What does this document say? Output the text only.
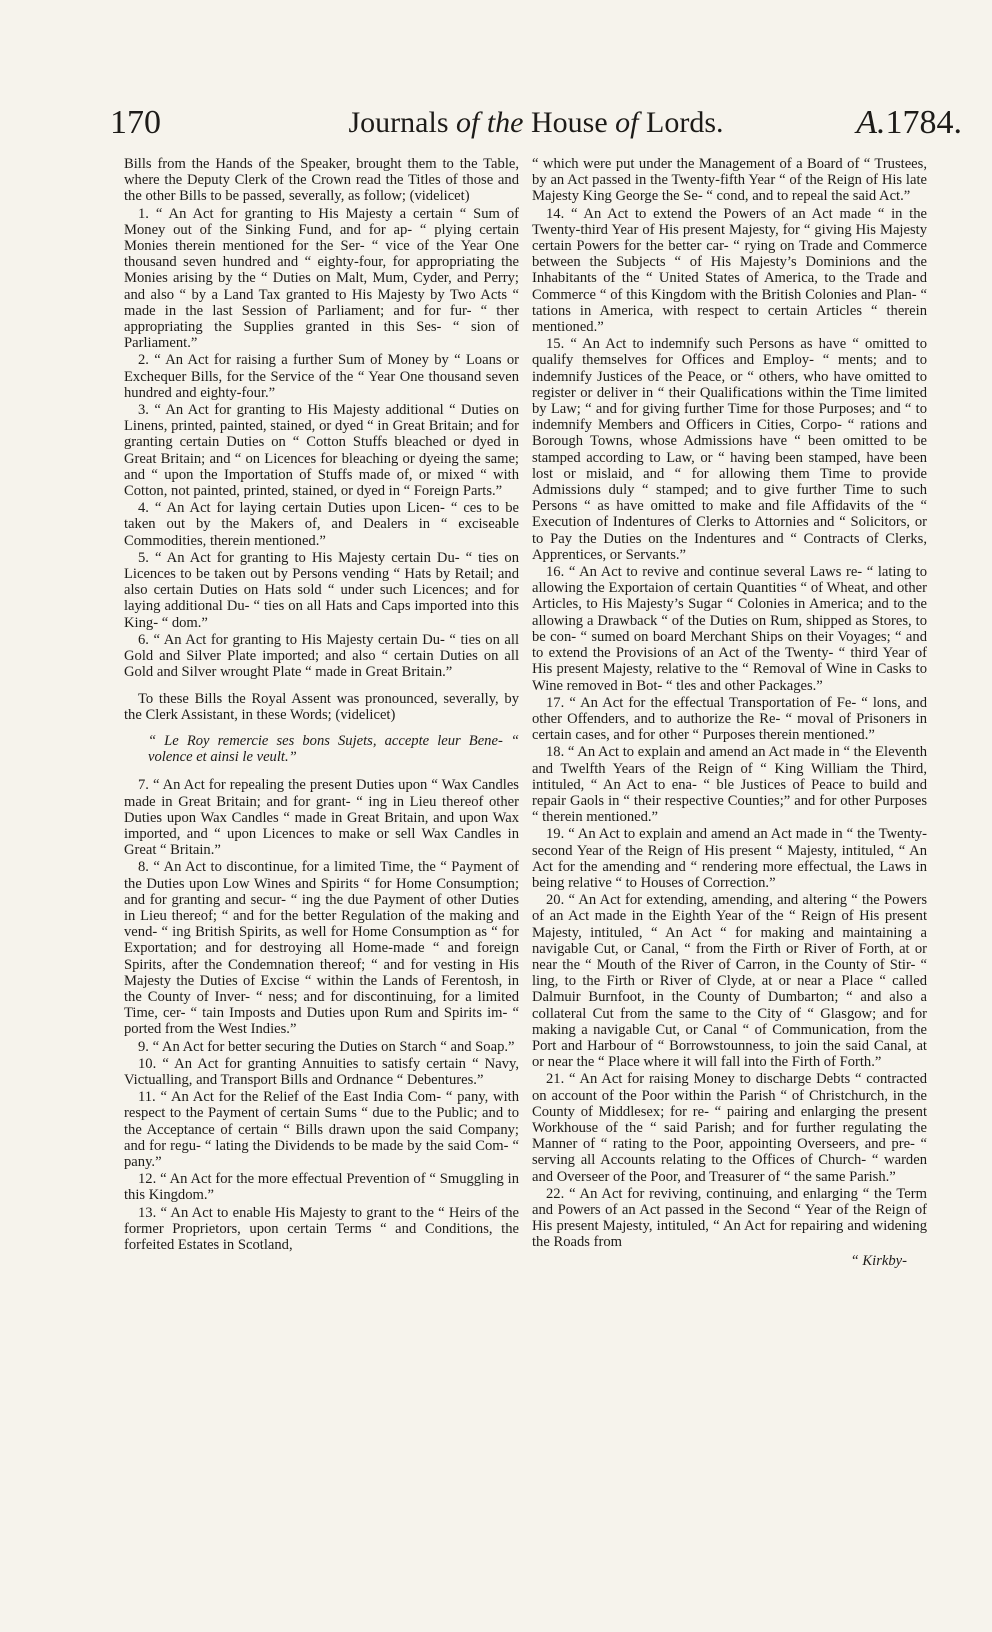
170	Journals of the House of Lords.	A.1784.

Bills from the Hands of the Speaker, brought them to the Table, where the Deputy Clerk of the Crown read the Titles of those and the other Bills to be passed, severally, as follow; (videlicet)

1. “ An Act for granting to His Majesty a certain “ Sum of Money out of the Sinking Fund, and for ap- “ plying certain Monies therein mentioned for the Ser- “ vice of the Year One thousand seven hundred and “ eighty-four, for appropriating the Monies arising by the “ Duties on Malt, Mum, Cyder, and Perry; and also “ by a Land Tax granted to His Majesty by Two Acts “ made in the last Session of Parliament; and for fur- “ ther appropriating the Supplies granted in this Ses- “ sion of Parliament.”

2. “ An Act for raising a further Sum of Money by “ Loans or Exchequer Bills, for the Service of the “ Year One thousand seven hundred and eighty-four.”

3. “ An Act for granting to His Majesty additional “ Duties on Linens, printed, painted, stained, or dyed “ in Great Britain; and for granting certain Duties on “ Cotton Stuffs bleached or dyed in Great Britain; and “ on Licences for bleaching or dyeing the same; and “ upon the Importation of Stuffs made of, or mixed “ with Cotton, not painted, printed, stained, or dyed in “ Foreign Parts.”

4. “ An Act for laying certain Duties upon Licen- “ ces to be taken out by the Makers of, and Dealers in “ exciseable Commodities, therein mentioned.”

5. “ An Act for granting to His Majesty certain Du- “ ties on Licences to be taken out by Persons vending “ Hats by Retail; and also certain Duties on Hats sold “ under such Licences; and for laying additional Du- “ ties on all Hats and Caps imported into this King- “ dom.”

6. “ An Act for granting to His Majesty certain Du- “ ties on all Gold and Silver Plate imported; and also “ certain Duties on all Gold and Silver wrought Plate “ made in Great Britain.”

To these Bills the Royal Assent was pronounced, severally, by the Clerk Assistant, in these Words; (videlicet)

“ Le Roy remercie ses bons Sujets, accepte leur Bene- “ volence et ainsi le veult.”

7. “ An Act for repealing the present Duties upon “ Wax Candles made in Great Britain; and for grant- “ ing in Lieu thereof other Duties upon Wax Candles “ made in Great Britain, and upon Wax imported, and “ upon Licences to make or sell Wax Candles in Great “ Britain.”

8. “ An Act to discontinue, for a limited Time, the “ Payment of the Duties upon Low Wines and Spirits “ for Home Consumption; and for granting and secur- “ ing the due Payment of other Duties in Lieu thereof; “ and for the better Regulation of the making and vend- “ ing British Spirits, as well for Home Consumption as “ for Exportation; and for destroying all Home-made “ and foreign Spirits, after the Condemnation thereof; “ and for vesting in His Majesty the Duties of Excise “ within the Lands of Ferentosh, in the County of Inver- “ ness; and for discontinuing, for a limited Time, cer- “ tain Imposts and Duties upon Rum and Spirits im- “ ported from the West Indies.”

9. “ An Act for better securing the Duties on Starch “ and Soap.”

10. “ An Act for granting Annuities to satisfy certain “ Navy, Victualling, and Transport Bills and Ordnance “ Debentures.”

11. “ An Act for the Relief of the East India Com- “ pany, with respect to the Payment of certain Sums “ due to the Public; and to the Acceptance of certain “ Bills drawn upon the said Company; and for regu- “ lating the Dividends to be made by the said Com- “ pany.”

12. “ An Act for the more effectual Prevention of “ Smuggling in this Kingdom.”

13. “ An Act to enable His Majesty to grant to the “ Heirs of the former Proprietors, upon certain Terms “ and Conditions, the forfeited Estates in Scotland,

“ which were put under the Management of a Board of “ Trustees, by an Act passed in the Twenty-fifth Year “ of the Reign of His late Majesty King George the Se- “ cond, and to repeal the said Act.”

14. “ An Act to extend the Powers of an Act made “ in the Twenty-third Year of His present Majesty, for “ giving His Majesty certain Powers for the better car- “ rying on Trade and Commerce between the Subjects “ of His Majesty’s Dominions and the Inhabitants of the “ United States of America, to the Trade and Commerce “ of this Kingdom with the British Colonies and Plan- “ tations in America, with respect to certain Articles “ therein mentioned.”

15. “ An Act to indemnify such Persons as have “ omitted to qualify themselves for Offices and Employ- “ ments; and to indemnify Justices of the Peace, or “ others, who have omitted to register or deliver in “ their Qualifications within the Time limited by Law; “ and for giving further Time for those Purposes; and “ to indemnify Members and Officers in Cities, Corpo- “ rations and Borough Towns, whose Admissions have “ been omitted to be stamped according to Law, or “ having been stamped, have been lost or mislaid, and “ for allowing them Time to provide Admissions duly “ stamped; and to give further Time to such Persons “ as have omitted to make and file Affidavits of the “ Execution of Indentures of Clerks to Attornies and “ Solicitors, or to Pay the Duties on the Indentures and “ Contracts of Clerks, Apprentices, or Servants.”

16. “ An Act to revive and continue several Laws re- “ lating to allowing the Exportaion of certain Quantities “ of Wheat, and other Articles, to His Majesty’s Sugar “ Colonies in America; and to the allowing a Drawback “ of the Duties on Rum, shipped as Stores, to be con- “ sumed on board Merchant Ships on their Voyages; “ and to extend the Provisions of an Act of the Twenty- “ third Year of His present Majesty, relative to the “ Removal of Wine in Casks to Wine removed in Bot- “ tles and other Packages.”

17. “ An Act for the effectual Transportation of Fe- “ lons, and other Offenders, and to authorize the Re- “ moval of Prisoners in certain cases, and for other “ Purposes therein mentioned.”

18. “ An Act to explain and amend an Act made in “ the Eleventh and Twelfth Years of the Reign of “ King William the Third, intituled, “ An Act to ena- “ ble Justices of Peace to build and repair Gaols in “ their respective Counties;” and for other Purposes “ therein mentioned.”

19. “ An Act to explain and amend an Act made in “ the Twenty-second Year of the Reign of His present “ Majesty, intituled, “ An Act for the amending and “ rendering more effectual, the Laws in being relative “ to Houses of Correction.”

20. “ An Act for extending, amending, and altering “ the Powers of an Act made in the Eighth Year of the “ Reign of His present Majesty, intituled, “ An Act “ for making and maintaining a navigable Cut, or Canal, “ from the Firth or River of Forth, at or near the “ Mouth of the River of Carron, in the County of Stir- “ ling, to the Firth or River of Clyde, at or near a Place “ called Dalmuir Burnfoot, in the County of Dumbarton; “ and also a collateral Cut from the same to the City of “ Glasgow; and for making a navigable Cut, or Canal “ of Communication, from the Port and Harbour of “ Borrowstounness, to join the said Canal, at or near the “ Place where it will fall into the Firth of Forth.”

21. “ An Act for raising Money to discharge Debts “ contracted on account of the Poor within the Parish “ of Christchurch, in the County of Middlesex; for re- “ pairing and enlarging the present Workhouse of the “ said Parish; and for further regulating the Manner of “ rating to the Poor, appointing Overseers, and pre- “ serving all Accounts relating to the Offices of Church- “ warden and Overseer of the Poor, and Treasurer of “ the same Parish.”

22. “ An Act for reviving, continuing, and enlarging “ the Term and Powers of an Act passed in the Second “ Year of the Reign of His present Majesty, intituled, “ An Act for repairing and widening the Roads from

“ Kirkby-
